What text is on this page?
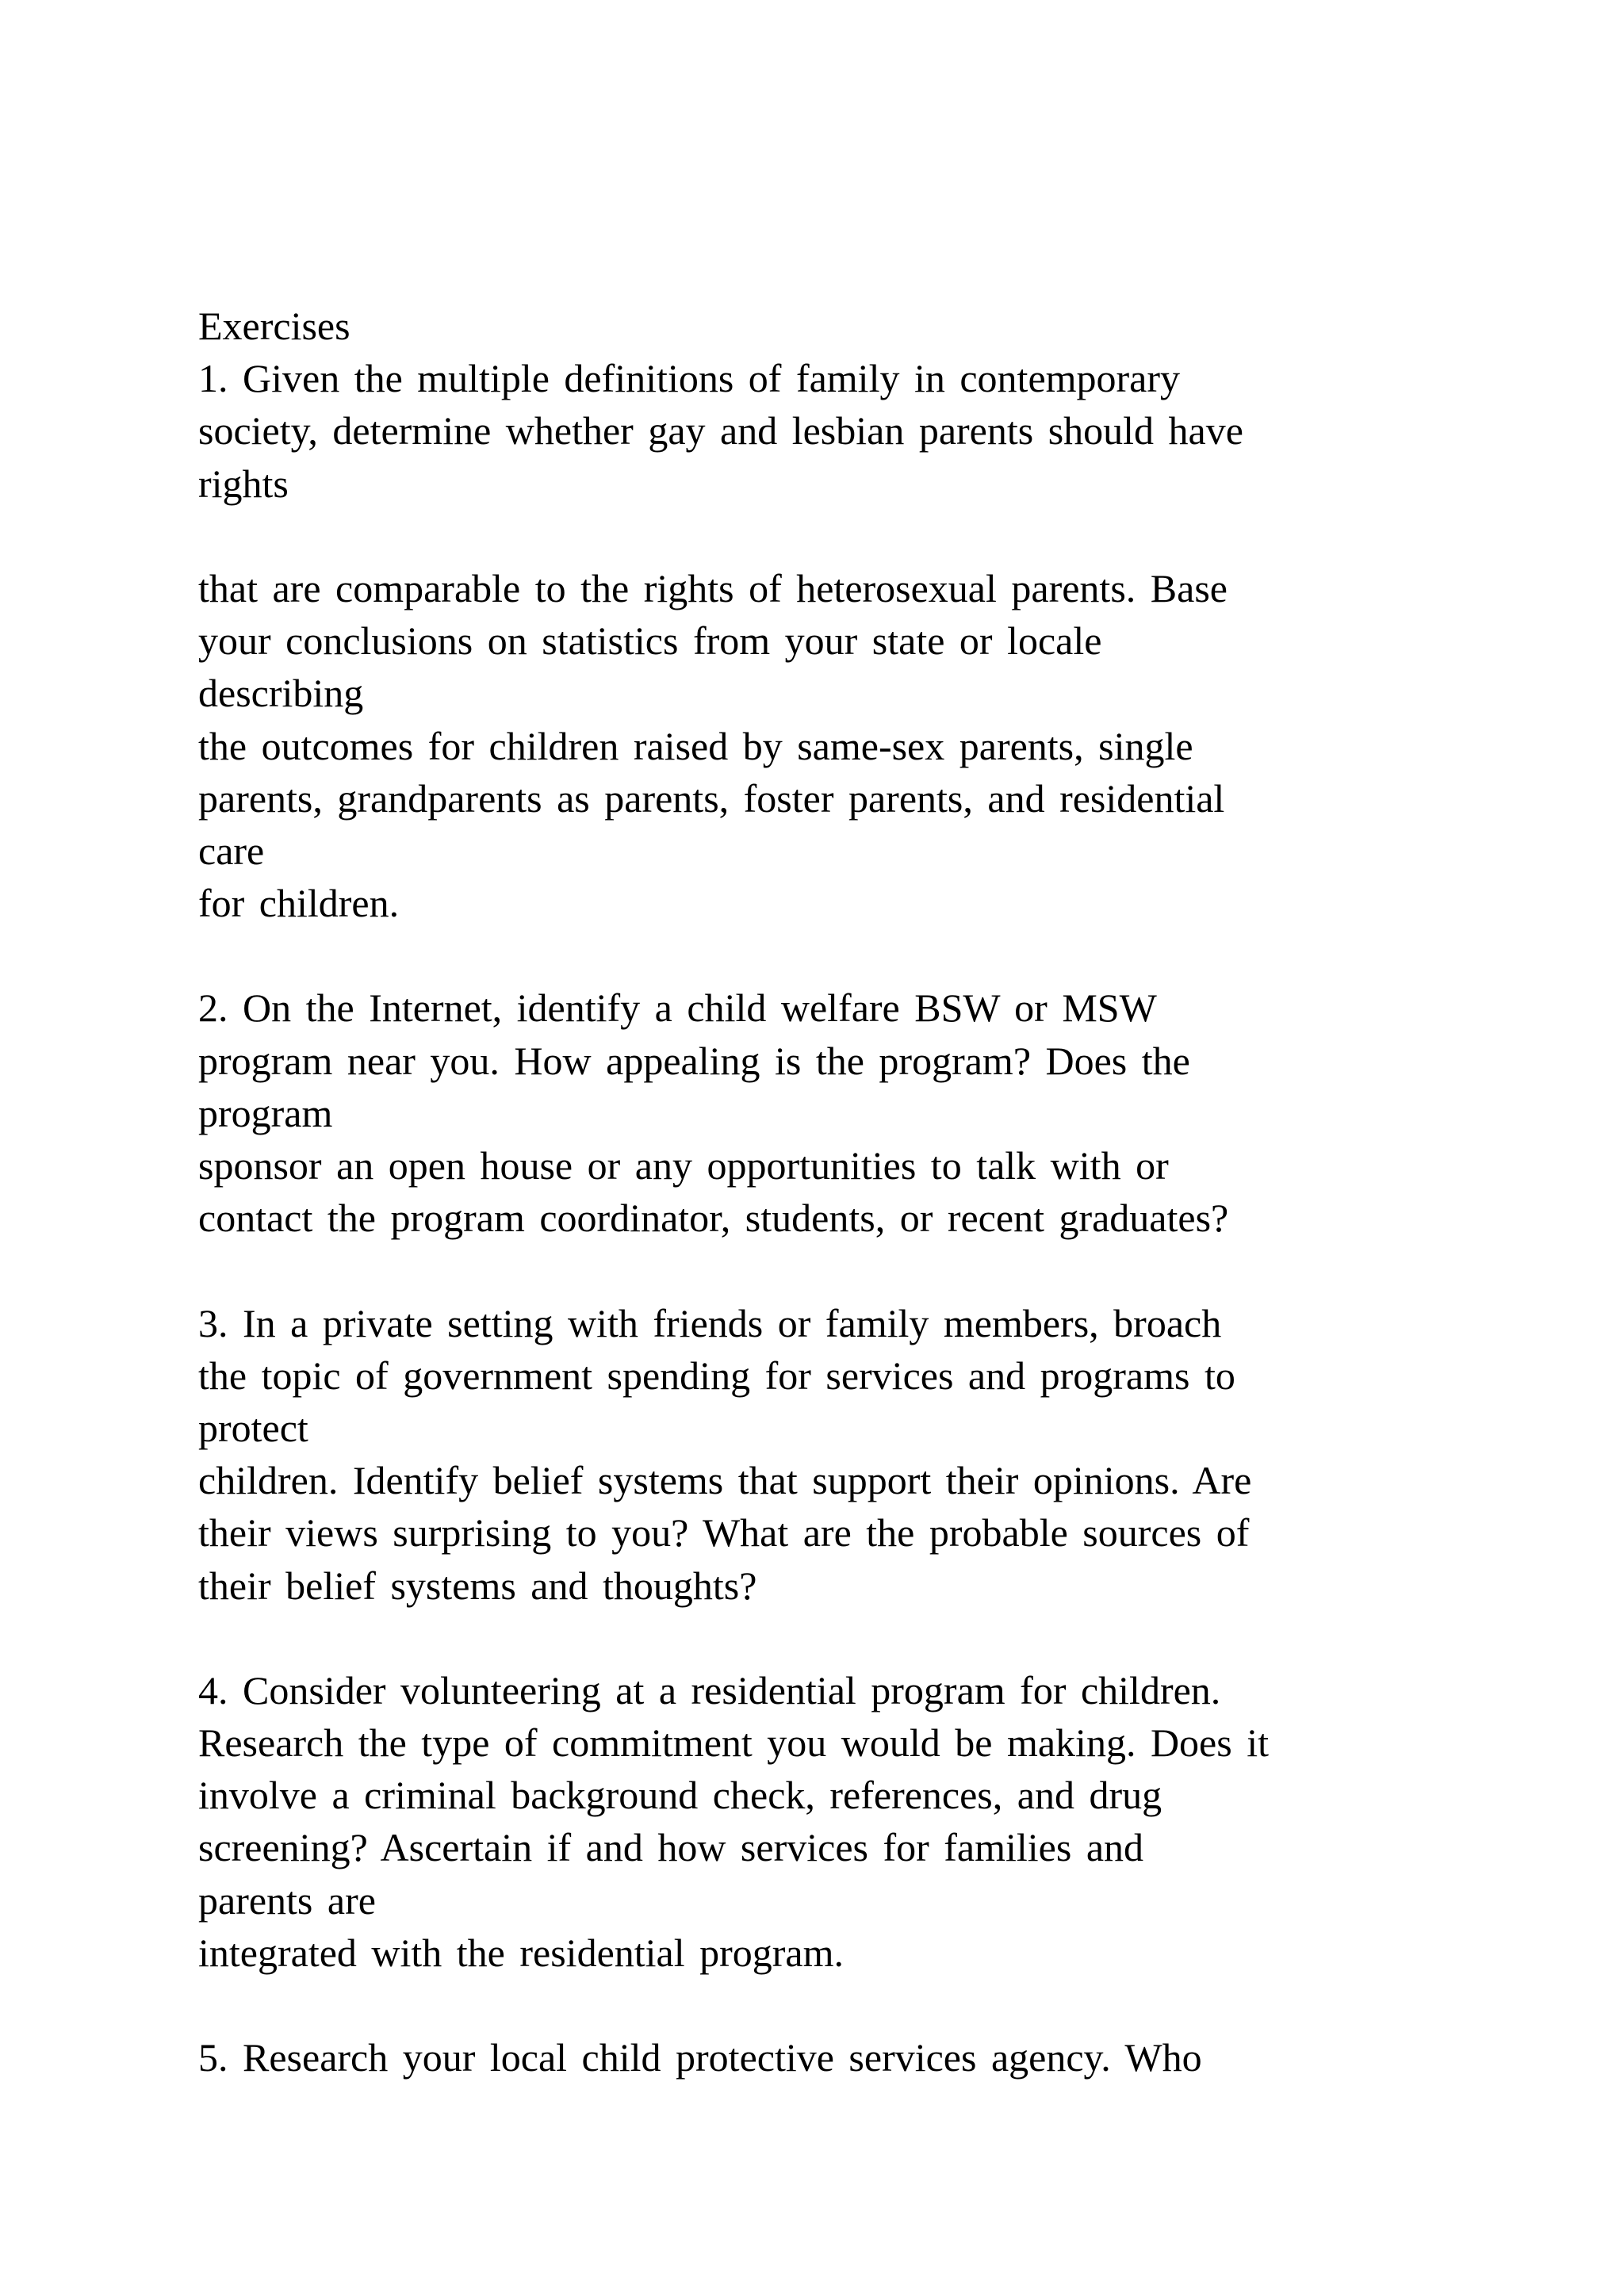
Exercises
1. Given the multiple definitions of family in contemporary
society, determine whether gay and lesbian parents should have
rights
that are comparable to the rights of heterosexual parents. Base
your conclusions on statistics from your state or locale
describing
the outcomes for children raised by same-sex parents, single
parents, grandparents as parents, foster parents, and residential
care
for children.
2. On the Internet, identify a child welfare BSW or MSW
program near you. How appealing is the program? Does the
program
sponsor an open house or any opportunities to talk with or
contact the program coordinator, students, or recent graduates?
3. In a private setting with friends or family members, broach
the topic of government spending for services and programs to
protect
children. Identify belief systems that support their opinions. Are
their views surprising to you? What are the probable sources of
their belief systems and thoughts?
4. Consider volunteering at a residential program for children.
Research the type of commitment you would be making. Does it
involve a criminal background check, references, and drug
screening? Ascertain if and how services for families and
parents are
integrated with the residential program.
5. Research your local child protective services agency. Who
